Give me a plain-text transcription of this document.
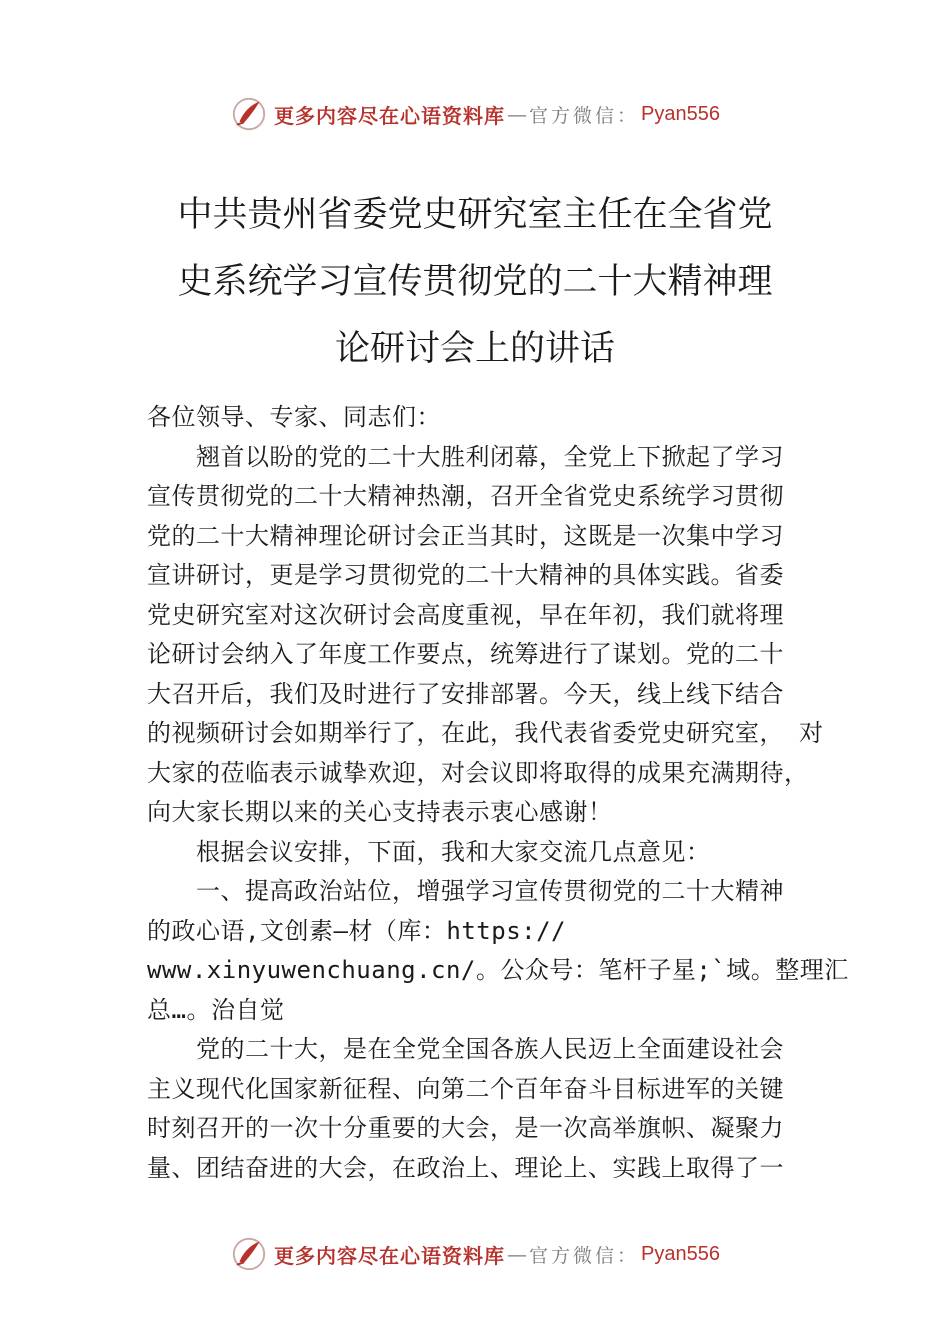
更多内容尽在心语资料库 — 官方微信： Pyan556
中共贵州省委党史研究室主任在全省党
史系统学习宣传贯彻党的二十大精神理
论研讨会上的讲话
各位领导、专家、同志们：
　　翘首以盼的党的二十大胜利闭幕，全党上下掀起了学习
宣传贯彻党的二十大精神热潮，召开全省党史系统学习贯彻
党的二十大精神理论研讨会正当其时，这既是一次集中学习
宣讲研讨，更是学习贯彻党的二十大精神的具体实践。省委
党史研究室对这次研讨会高度重视，早在年初，我们就将理
论研讨会纳入了年度工作要点，统筹进行了谋划。党的二十
大召开后，我们及时进行了安排部署。今天，线上线下结合
的视频研讨会如期举行了，在此，我代表省委党史研究室， 对
大家的莅临表示诚挚欢迎，对会议即将取得的成果充满期待，
向大家长期以来的关心支持表示衷心感谢！
　　根据会议安排，下面，我和大家交流几点意见：
　　一、提高政治站位，增强学习宣传贯彻党的二十大精神
的政心语,文创素—材（库：https://
www.xinyuwenchuang.cn/。公众号：笔杆子星;`域。整理汇
总…。治自觉
　　党的二十大，是在全党全国各族人民迈上全面建设社会
主义现代化国家新征程、向第二个百年奋斗目标进军的关键
时刻召开的一次十分重要的大会，是一次高举旗帜、凝聚力
量、团结奋进的大会，在政治上、理论上、实践上取得了一
更多内容尽在心语资料库 — 官方微信： Pyan556
